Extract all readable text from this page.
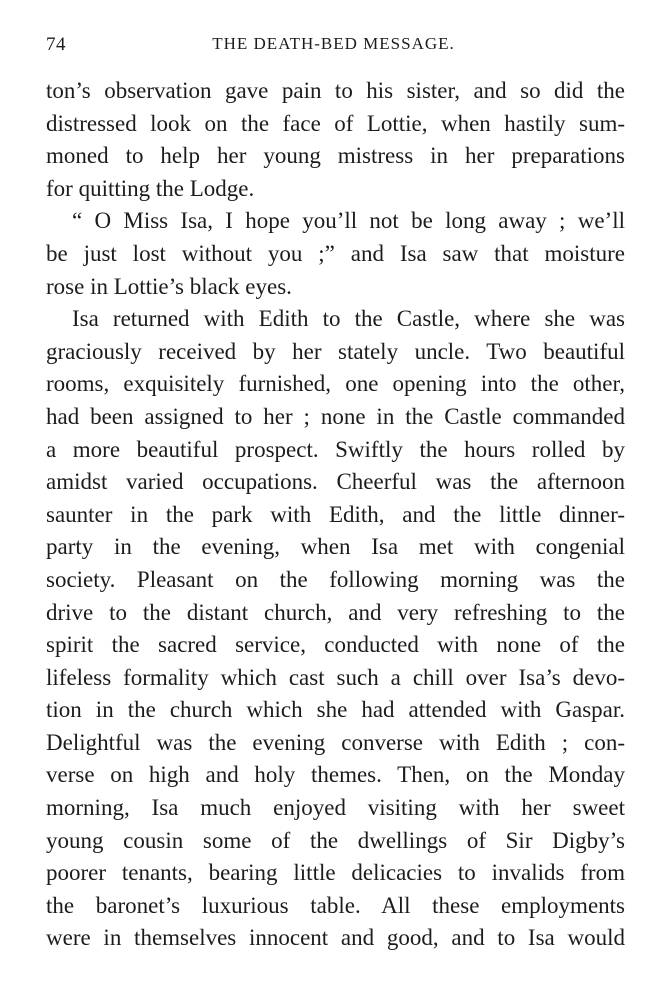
74	THE DEATH-BED MESSAGE.
ton’s observation gave pain to his sister, and so did the
distressed look on the face of Lottie, when hastily sum-
moned to help her young mistress in her preparations
for quitting the Lodge.
“ O Miss Isa, I hope you’ll not be long away ; we’ll
be just lost without you ;” and Isa saw that moisture
rose in Lottie’s black eyes.
Isa returned with Edith to the Castle, where she was
graciously received by her stately uncle. Two beautiful
rooms, exquisitely furnished, one opening into the other,
had been assigned to her ; none in the Castle commanded
a more beautiful prospect. Swiftly the hours rolled by
amidst varied occupations. Cheerful was the afternoon
saunter in the park with Edith, and the little dinner-
party in the evening, when Isa met with congenial
society. Pleasant on the following morning was the
drive to the distant church, and very refreshing to the
spirit the sacred service, conducted with none of the
lifeless formality which cast such a chill over Isa’s devo-
tion in the church which she had attended with Gaspar.
Delightful was the evening converse with Edith ; con-
verse on high and holy themes. Then, on the Monday
morning, Isa much enjoyed visiting with her sweet
young cousin some of the dwellings of Sir Digby’s
poorer tenants, bearing little delicacies to invalids from
the baronet’s luxurious table. All these employments
were in themselves innocent and good, and to Isa would
